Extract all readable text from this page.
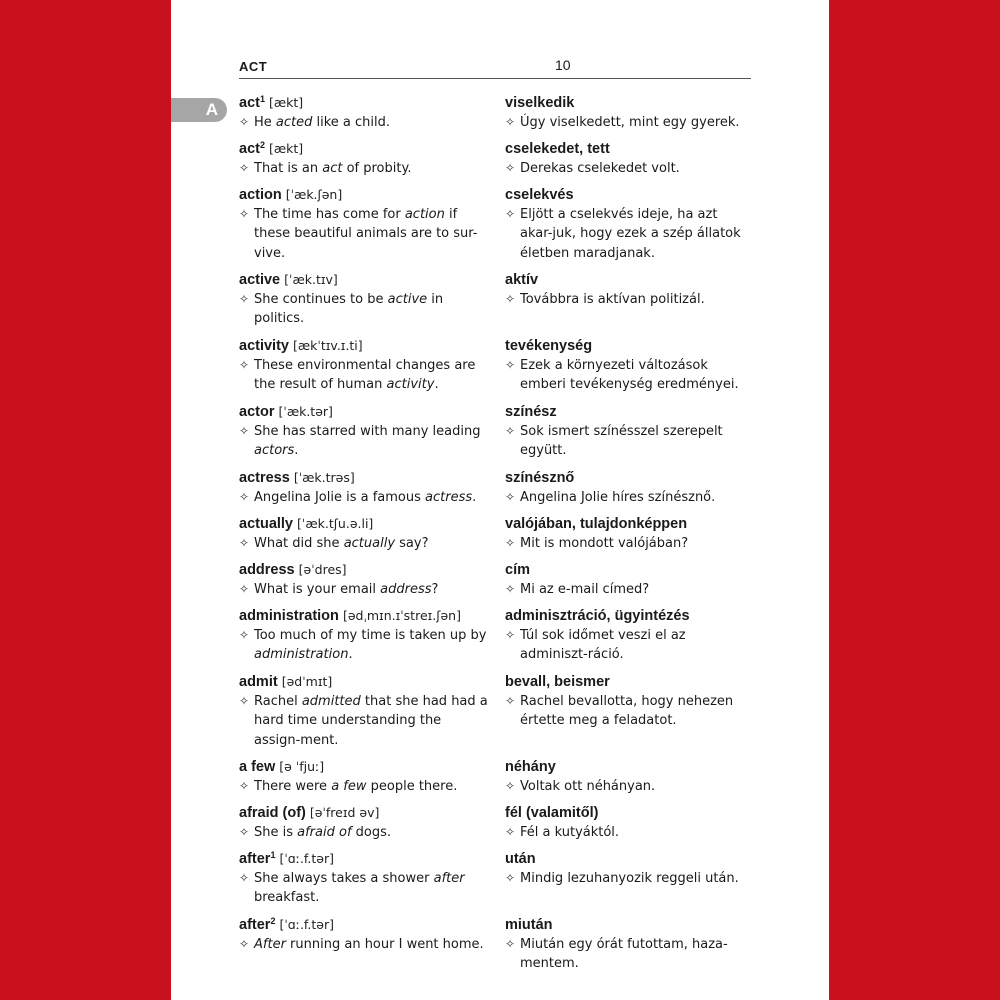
ACT	10
A act$^1$ [ækt]
✧ He acted like a child.
act$^2$ [ækt]
✧ That is an act of probity.
action [ˈæk.ʃən]
✧ The time has come for action if these beautiful animals are to sur-vive.
active [ˈæk.tɪv]
✧ She continues to be active in politics.
activity [ækˈtɪv.ɪ.ti]
✧ These environmental changes are the result of human activity.
actor [ˈæk.tər]
✧ She has starred with many leading actors.
actress [ˈæk.trəs]
✧ Angelina Jolie is a famous actress.
actually [ˈæk.tʃu.ə.li]
✧ What did she actually say?
address [əˈdres]
✧ What is your email address?
administration [ədˌmɪn.ɪˈstreɪ.ʃən]
✧ Too much of my time is taken up by administration.
admit [ədˈmɪt]
✧ Rachel admitted that she had had a hard time understanding the assign-ment.
a few [ə ˈfjuː]
✧ There were a few people there.
afraid (of) [əˈfreɪd əv]
✧ She is afraid of dogs.
after$^1$ [ˈɑː.f.tər]
✧ She always takes a shower after breakfast.
after$^2$ [ˈɑː.f.tər]
✧ After running an hour I went home.
viselkedik
✧ Úgy viselkedett, mint egy gyerek.
cselekedet, tett
✧ Derekas cselekedet volt.
cselekvés
✧ Eljött a cselekvés ideje, ha azt akar-juk, hogy ezek a szép állatok életben maradjanak.
aktív
✧ Továbbra is aktívan politizál.
tevékenység
✧ Ezek a környezeti változások emberi tevékenység eredményei.
színész
✧ Sok ismert színésszel szerepelt együtt.
színésznő
✧ Angelina Jolie híres színésznő.
valójában, tulajdonképpen
✧ Mit is mondott valójában?
cím
✧ Mi az e-mail címed?
adminisztráció, ügyintézés
✧ Túl sok időmet veszi el az adminiszt-ráció.
bevall, beismer
✧ Rachel bevallotta, hogy nehezen értette meg a feladatot.
néhány
✧ Voltak ott néhányan.
fél (valamitől)
✧ Fél a kutyáktól.
után
✧ Mindig lezuhanyozik reggeli után.
miután
✧ Miután egy órát futottam, haza-mentem.
